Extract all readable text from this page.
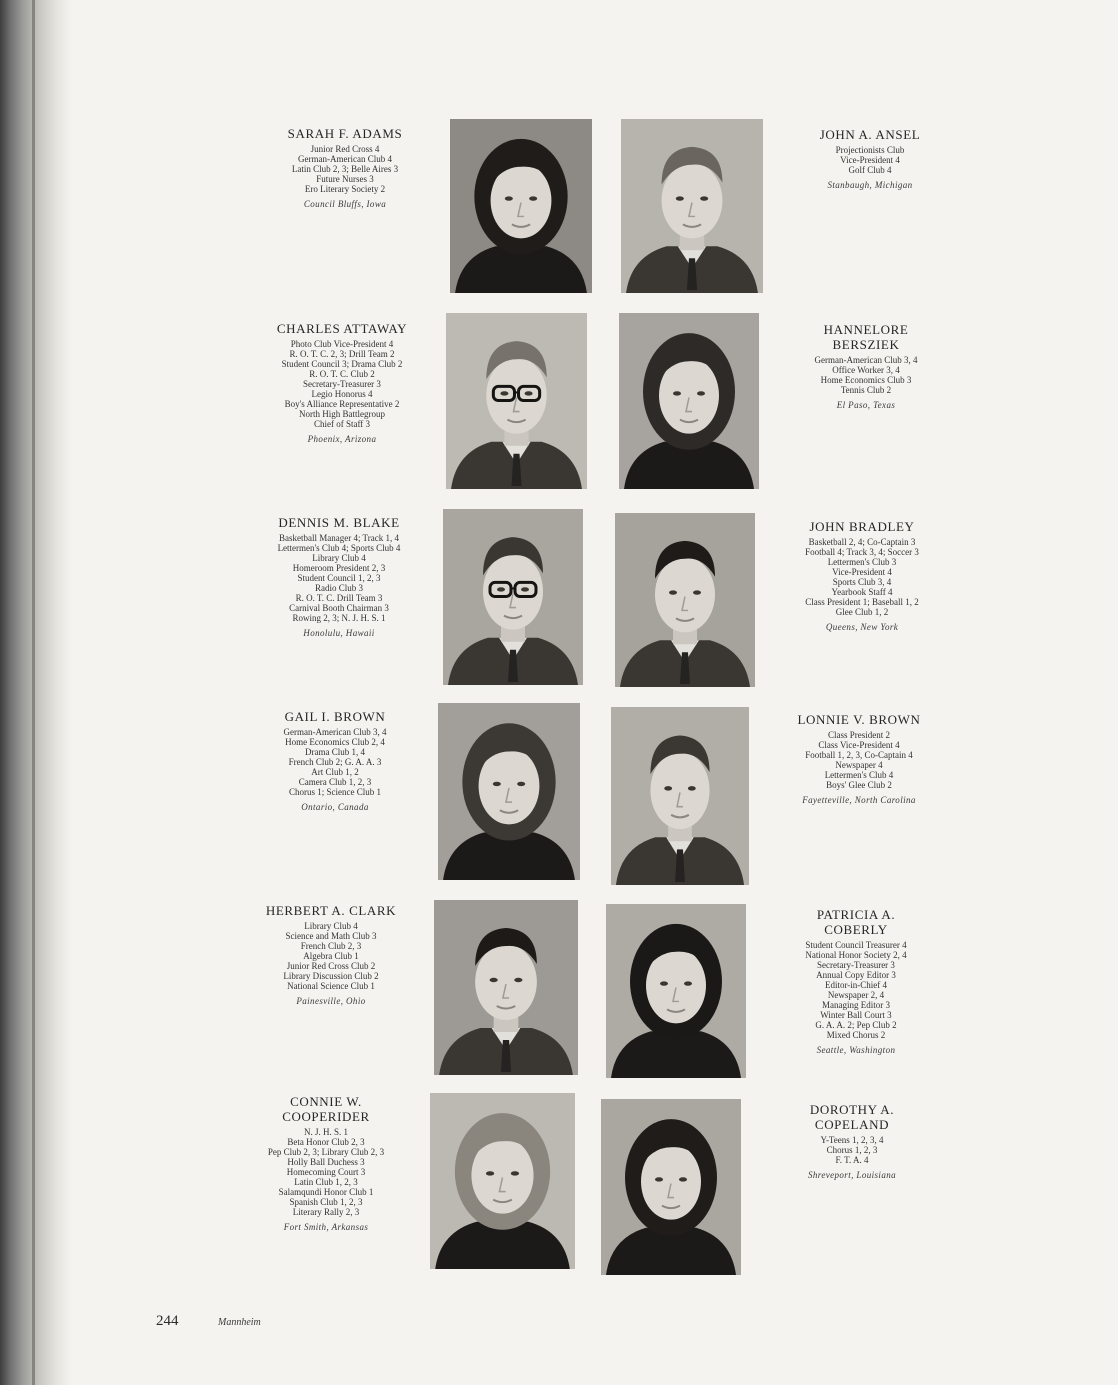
SARAH F. ADAMS
Junior Red Cross 4
German-American Club 4
Latin Club 2, 3; Belle Aires 3
Future Nurses 3
Ero Literary Society 2
Council Bluffs, Iowa
JOHN A. ANSEL
Projectionists Club
Vice-President 4
Golf Club 4
Stanbaugh, Michigan
CHARLES ATTAWAY
Photo Club Vice-President 4
R. O. T. C. 2, 3; Drill Team 2
Student Council 3; Drama Club 2
R. O. T. C. Club 2
Secretary-Treasurer 3
Legio Honorus 4
Boy's Alliance Representative 2
North High Battlegroup
Chief of Staff 3
Phoenix, Arizona
HANNELORE
BERSZIEK
German-American Club 3, 4
Office Worker 3, 4
Home Economics Club 3
Tennis Club 2
El Paso, Texas
DENNIS M. BLAKE
Basketball Manager 4; Track 1, 4
Lettermen's Club 4; Sports Club 4
Library Club 4
Homeroom President 2, 3
Student Council 1, 2, 3
Radio Club 3
R. O. T. C. Drill Team 3
Carnival Booth Chairman 3
Rowing 2, 3; N. J. H. S. 1
Honolulu, Hawaii
JOHN BRADLEY
Basketball 2, 4; Co-Captain 3
Football 4; Track 3, 4; Soccer 3
Lettermen's Club 3
Vice-President 4
Sports Club 3, 4
Yearbook Staff 4
Class President 1; Baseball 1, 2
Glee Club 1, 2
Queens, New York
GAIL I. BROWN
German-American Club 3, 4
Home Economics Club 2, 4
Drama Club 1, 4
French Club 2; G. A. A. 3
Art Club 1, 2
Camera Club 1, 2, 3
Chorus 1; Science Club 1
Ontario, Canada
LONNIE V. BROWN
Class President 2
Class Vice-President 4
Football 1, 2, 3, Co-Captain 4
Newspaper 4
Lettermen's Club 4
Boys' Glee Club 2
Fayetteville, North Carolina
HERBERT A. CLARK
Library Club 4
Science and Math Club 3
French Club 2, 3
Algebra Club 1
Junior Red Cross Club 2
Library Discussion Club 2
National Science Club 1
Painesville, Ohio
PATRICIA A.
COBERLY
Student Council Treasurer 4
National Honor Society 2, 4
Secretary-Treasurer 3
Annual Copy Editor 3
Editor-in-Chief 4
Newspaper 2, 4
Managing Editor 3
Winter Ball Court 3
G. A. A. 2; Pep Club 2
Mixed Chorus 2
Seattle, Washington
CONNIE W.
COOPERIDER
N. J. H. S. 1
Beta Honor Club 2, 3
Pep Club 2, 3; Library Club 2, 3
Holly Ball Duchess 3
Homecoming Court 3
Latin Club 1, 2, 3
Salamqundi Honor Club 1
Spanish Club 1, 2, 3
Literary Rally 2, 3
Fort Smith, Arkansas
DOROTHY A.
COPELAND
Y-Teens 1, 2, 3, 4
Chorus 1, 2, 3
F. T. A. 4
Shreveport, Louisiana
244	Mannheim
